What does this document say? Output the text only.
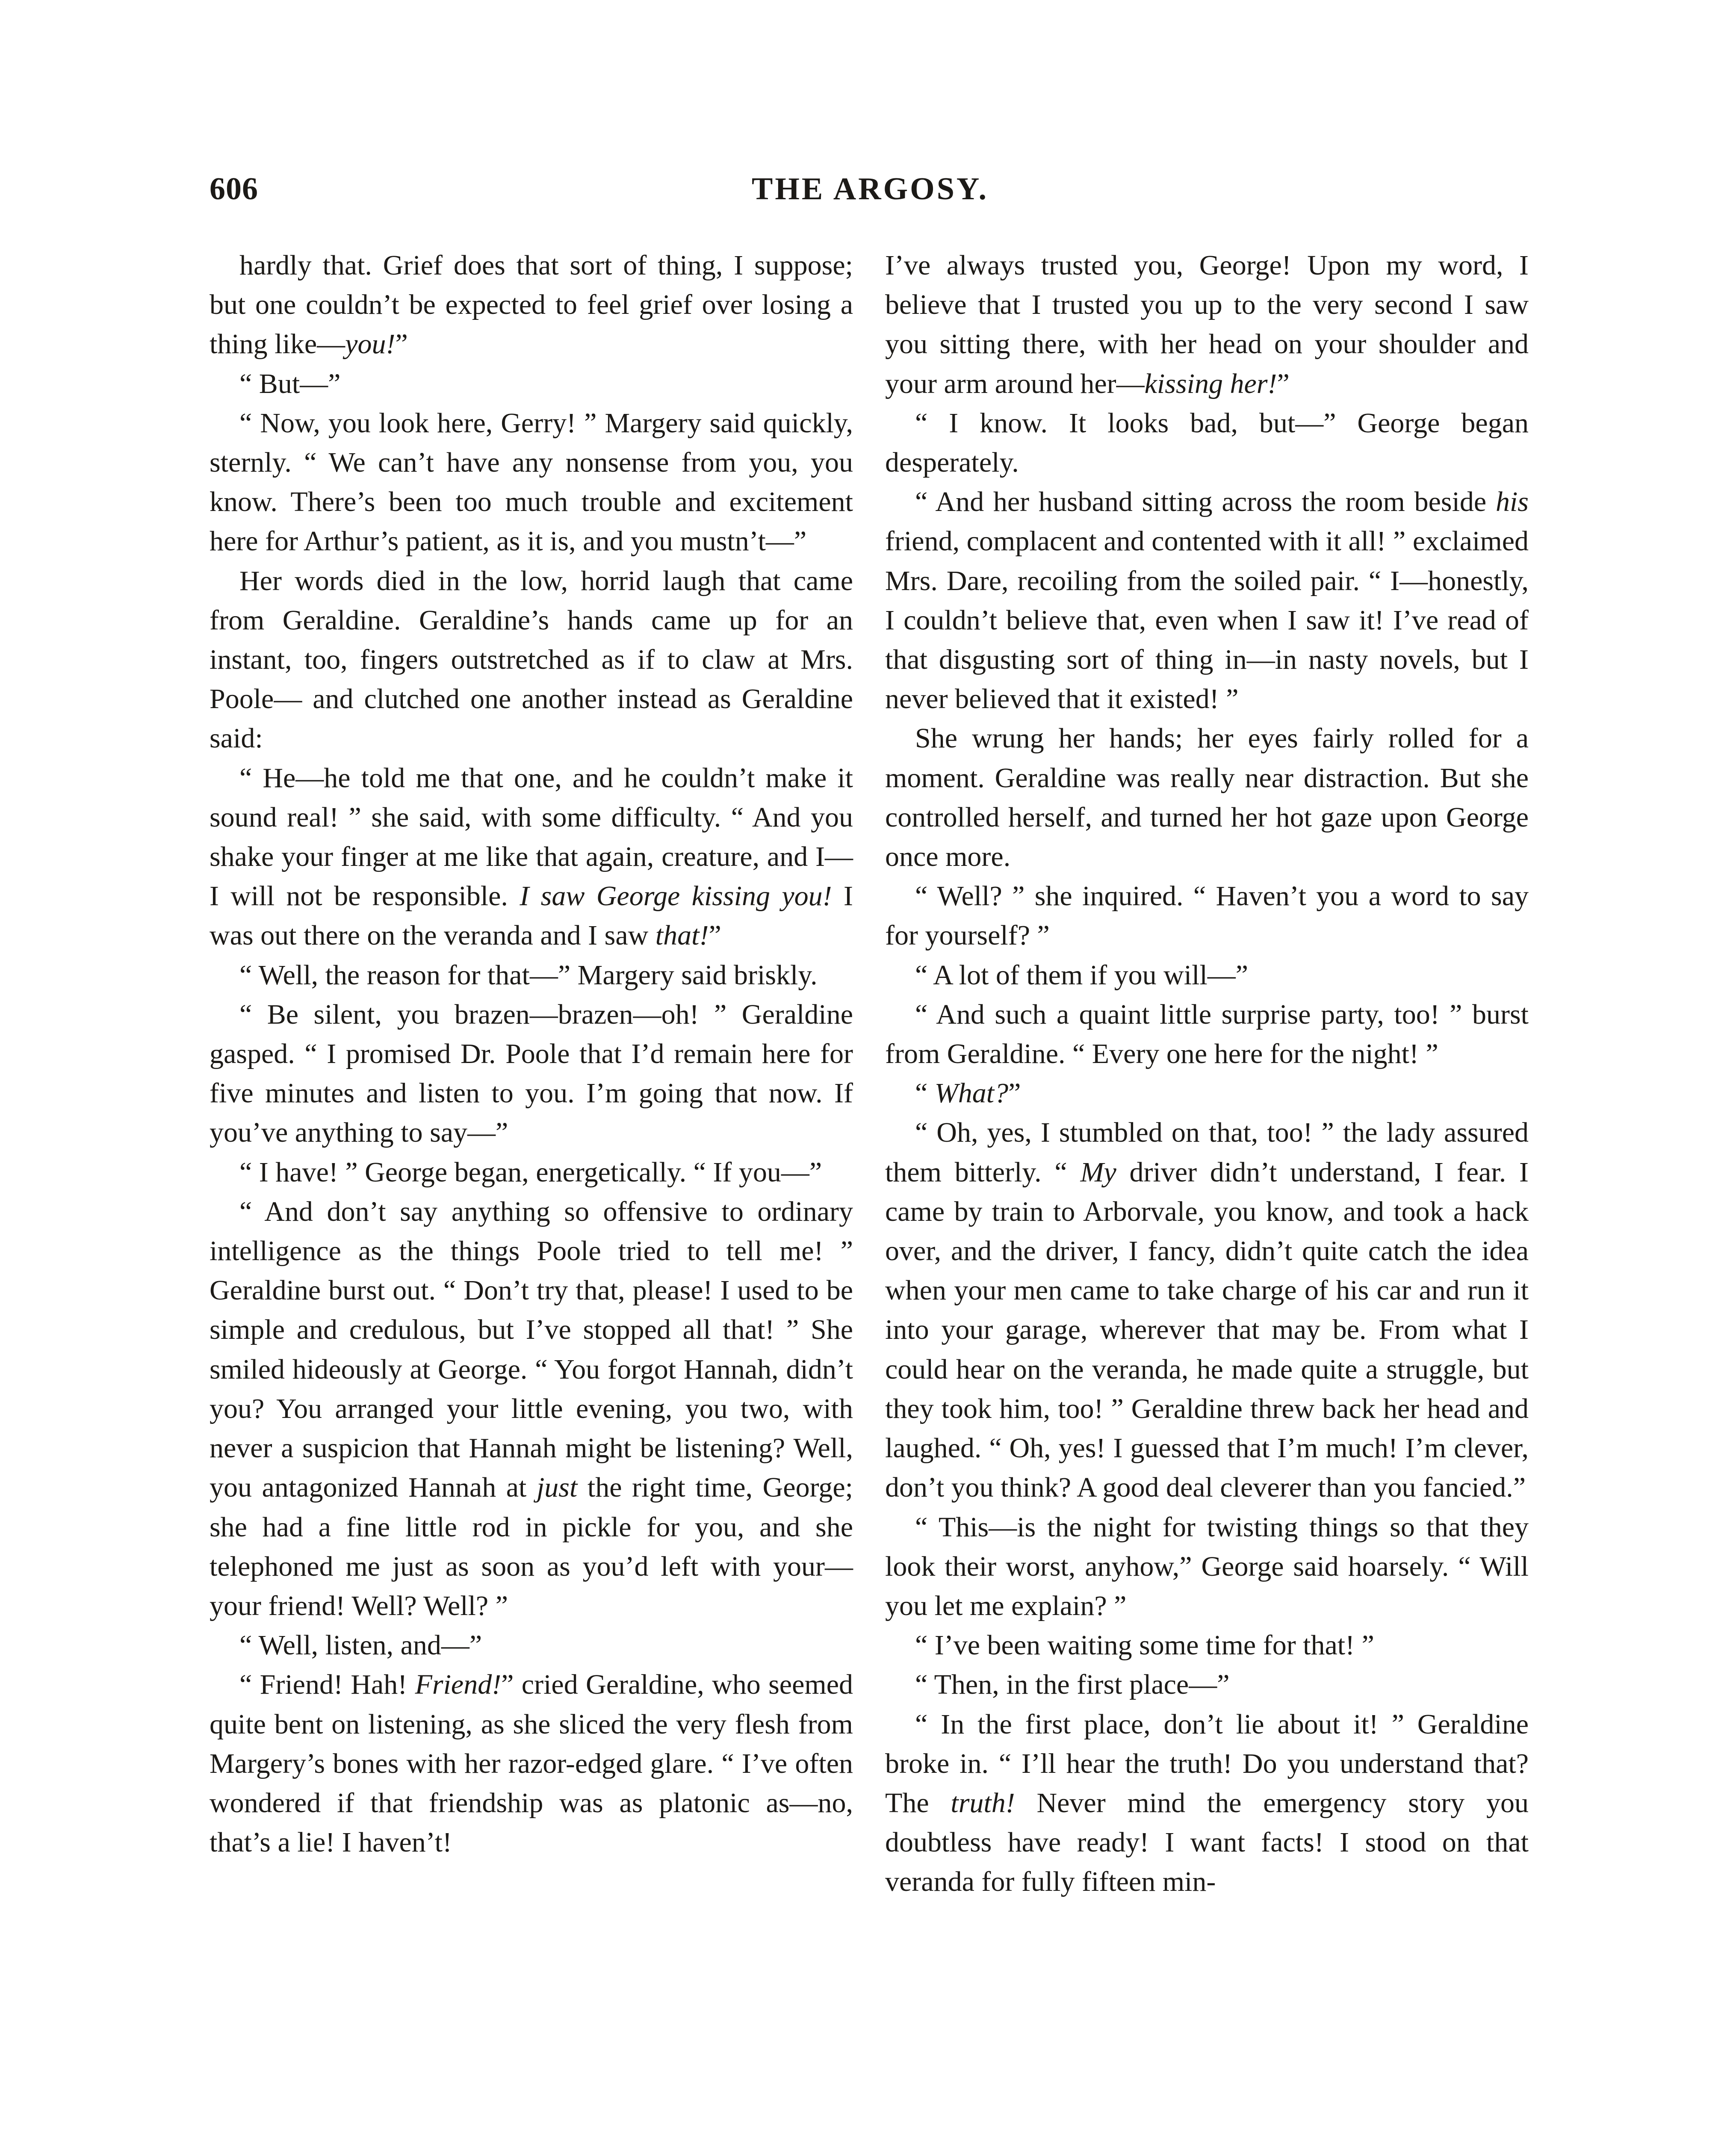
606	THE ARGOSY.

hardly that. Grief does that sort of thing, I suppose; but one couldn’t be expected to feel grief over losing a thing like—you!”

“ But—”

“ Now, you look here, Gerry! ” Margery said quickly, sternly. “ We can’t have any nonsense from you, you know. There’s been too much trouble and excitement here for Arthur’s patient, as it is, and you mustn’t—”

Her words died in the low, horrid laugh that came from Geraldine. Geraldine’s hands came up for an instant, too, fingers outstretched as if to claw at Mrs. Poole— and clutched one another instead as Geraldine said:

“ He—he told me that one, and he couldn’t make it sound real! ” she said, with some difficulty. “ And you shake your finger at me like that again, creature, and I— I will not be responsible. I saw George kissing you! I was out there on the veranda and I saw that!”

“ Well, the reason for that—” Margery said briskly.

“ Be silent, you brazen—brazen—oh! ” Geraldine gasped. “ I promised Dr. Poole that I’d remain here for five minutes and listen to you. I’m going that now. If you’ve anything to say—”

“ I have! ” George began, energetically. “ If you—”

“ And don’t say anything so offensive to ordinary intelligence as the things Poole tried to tell me! ” Geraldine burst out. “ Don’t try that, please! I used to be simple and credulous, but I’ve stopped all that! ” She smiled hideously at George. “ You forgot Hannah, didn’t you? You arranged your little evening, you two, with never a suspicion that Hannah might be listening? Well, you antagonized Hannah at just the right time, George; she had a fine little rod in pickle for you, and she telephoned me just as soon as you’d left with your—your friend! Well? Well? ”

“ Well, listen, and—”

“ Friend! Hah! Friend!” cried Geraldine, who seemed quite bent on listening, as she sliced the very flesh from Margery’s bones with her razor-edged glare. “ I’ve often wondered if that friendship was as platonic as—no, that’s a lie! I haven’t!

I’ve always trusted you, George! Upon my word, I believe that I trusted you up to the very second I saw you sitting there, with her head on your shoulder and your arm around her—kissing her!”

“ I know. It looks bad, but—” George began desperately.

“ And her husband sitting across the room beside his friend, complacent and contented with it all! ” exclaimed Mrs. Dare, recoiling from the soiled pair. “ I—honestly, I couldn’t believe that, even when I saw it! I’ve read of that disgusting sort of thing in—in nasty novels, but I never believed that it existed! ”

She wrung her hands; her eyes fairly rolled for a moment. Geraldine was really near distraction. But she controlled herself, and turned her hot gaze upon George once more.

“ Well? ” she inquired. “ Haven’t you a word to say for yourself? ”

“ A lot of them if you will—”

“ And such a quaint little surprise party, too! ” burst from Geraldine. “ Every one here for the night! ”

“ What?”

“ Oh, yes, I stumbled on that, too! ” the lady assured them bitterly. “ My driver didn’t understand, I fear. I came by train to Arborvale, you know, and took a hack over, and the driver, I fancy, didn’t quite catch the idea when your men came to take charge of his car and run it into your garage, wherever that may be. From what I could hear on the veranda, he made quite a struggle, but they took him, too! ” Geraldine threw back her head and laughed. “ Oh, yes! I guessed that I’m much! I’m clever, don’t you think? A good deal cleverer than you fancied.”

“ This—is the night for twisting things so that they look their worst, anyhow,” George said hoarsely. “ Will you let me explain? ”

“ I’ve been waiting some time for that! ”

“ Then, in the first place—”

“ In the first place, don’t lie about it! ” Geraldine broke in. “ I’ll hear the truth! Do you understand that? The truth! Never mind the emergency story you doubtless have ready! I want facts! I stood on that veranda for fully fifteen min-
